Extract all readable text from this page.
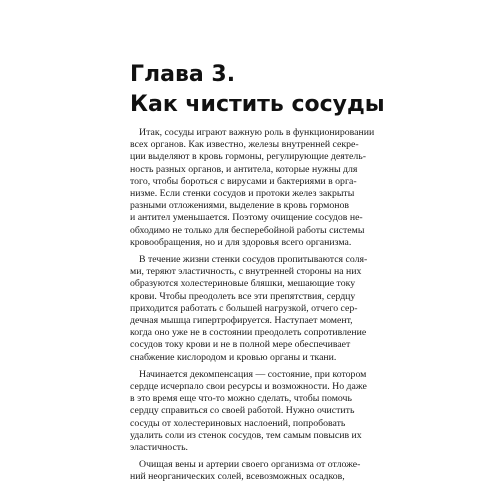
Глава 3.
Как чистить сосуды
Итак, сосуды играют важную роль в функционировании
всех органов. Как известно, железы внутренней секре-
ции выделяют в кровь гормоны, регулирующие деятель-
ность разных органов, и антитела, которые нужны для
того, чтобы бороться с вирусами и бактериями в орга-
низме. Если стенки сосудов и протоки желез закрыты
разными отложениями, выделение в кровь гормонов
и антител уменьшается. Поэтому очищение сосудов не-
обходимо не только для бесперебойной работы системы
кровообращения, но и для здоровья всего организма.
В течение жизни стенки сосудов пропитываются соля-
ми, теряют эластичность, с внутренней стороны на них
образуются холестериновые бляшки, мешающие току
крови. Чтобы преодолеть все эти препятствия, сердцу
приходится работать с большей нагрузкой, отчего сер-
дечная мышца гипертрофируется. Наступает момент,
когда оно уже не в состоянии преодолеть сопротивление
сосудов току крови и не в полной мере обеспечивает
снабжение кислородом и кровью органы и ткани.
Начинается декомпенсация — состояние, при котором
сердце исчерпало свои ресурсы и возможности. Но даже
в это время еще что-то можно сделать, чтобы помочь
сердцу справиться со своей работой. Нужно очистить
сосуды от холестериновых наслоений, попробовать
удалить соли из стенок сосудов, тем самым повысив их
эластичность.
Очищая вены и артерии своего организма от отложе-
ний неорганических солей, всевозможных осадков,
